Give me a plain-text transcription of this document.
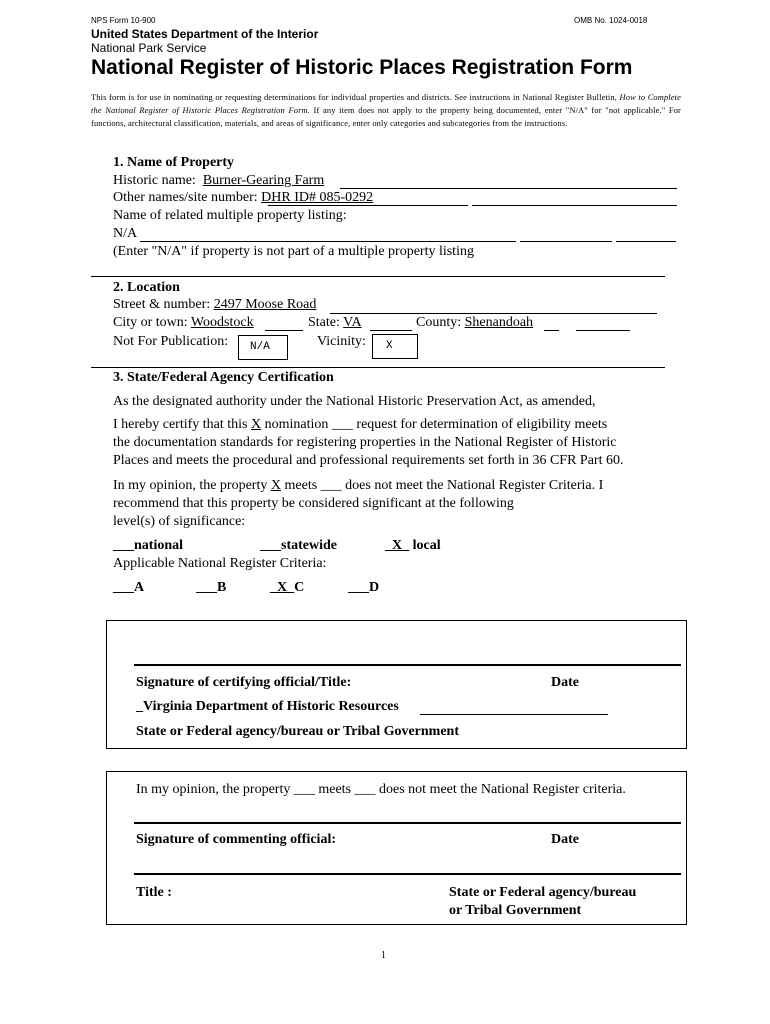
NPS Form 10-900	OMB No. 1024-0018
United States Department of the Interior
National Park Service
National Register of Historic Places Registration Form
This form is for use in nominating or requesting determinations for individual properties and districts. See instructions in National Register Bulletin, How to Complete the National Register of Historic Places Registration Form. If any item does not apply to the property being documented, enter "N/A" for "not applicable." For functions, architectural classification, materials, and areas of significance, enter only categories and subcategories from the instructions.
1. Name of Property
Historic name: Burner-Gearing Farm
Other names/site number: DHR ID# 085-0292
Name of related multiple property listing:
N/A
(Enter "N/A" if property is not part of a multiple property listing
2. Location
Street & number: 2497 Moose Road
City or town: Woodstock	State: VA	County: Shenandoah
Not For Publication: N/A	Vicinity: X
3. State/Federal Agency Certification
As the designated authority under the National Historic Preservation Act, as amended,
I hereby certify that this X nomination ___ request for determination of eligibility meets
the documentation standards for registering properties in the National Register of Historic
Places and meets the procedural and professional requirements set forth in 36 CFR Part 60.
In my opinion, the property X meets ___ does not meet the National Register Criteria. I
recommend that this property be considered significant at the following
level(s) of significance:
___national	___statewide	_X_ local
Applicable National Register Criteria:
___A	___B	_X_C	___D
Signature of certifying official/Title:	Date
_Virginia Department of Historic Resources
State or Federal agency/bureau or Tribal Government
In my opinion, the property ___ meets ___ does not meet the National Register criteria.
Signature of commenting official:	Date
Title :	State or Federal agency/bureau
or Tribal Government
1
